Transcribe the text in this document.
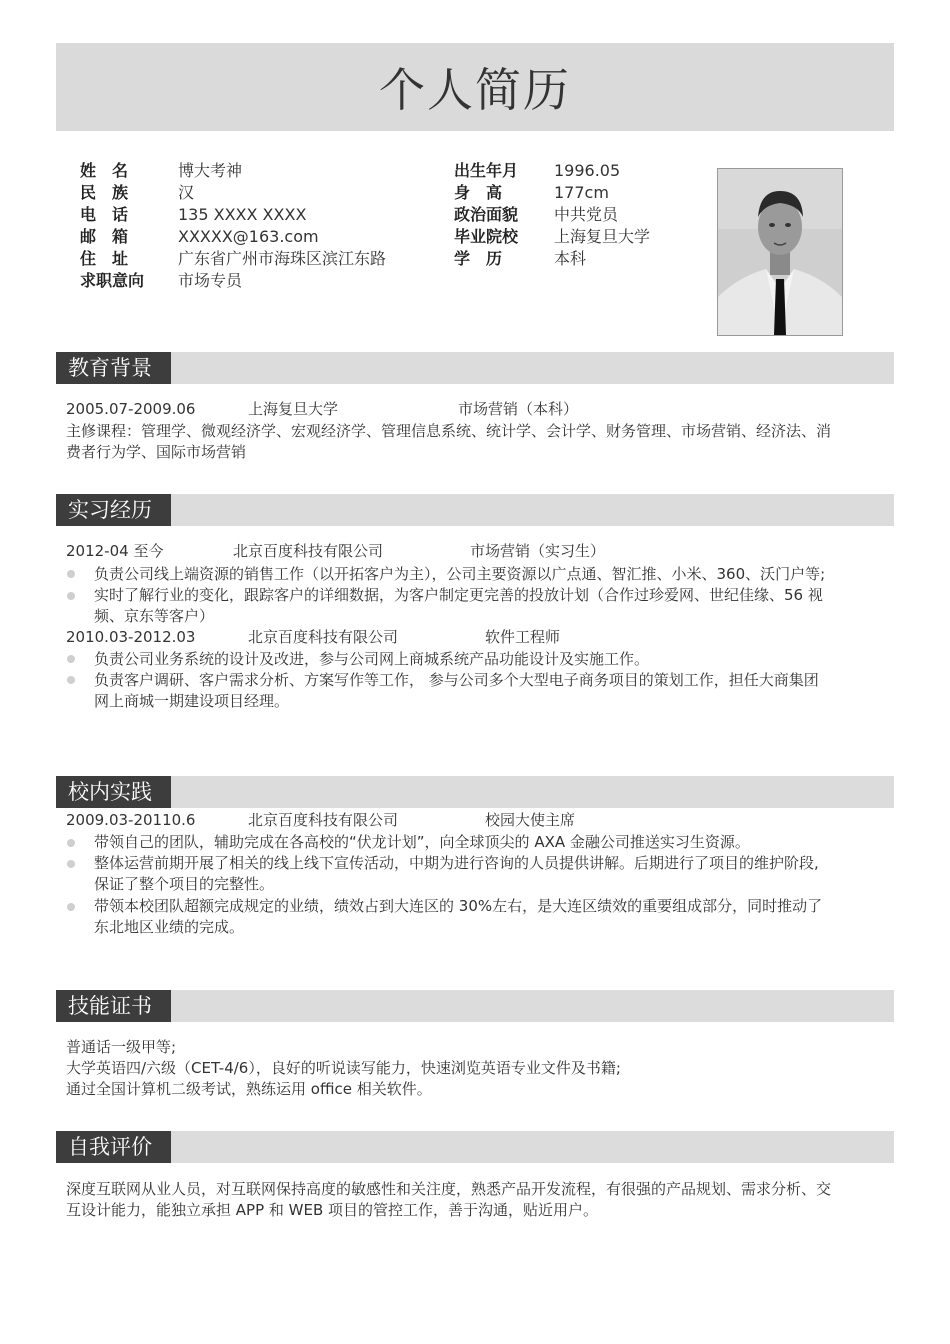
个人简历
姓　名	博大考神
民　族	汉
电　话	135 XXXX XXXX
邮　箱	XXXXX@163.com
住　址	广东省广州市海珠区滨江东路
求职意向 市场专员
出生年月 1996.05
身　高	177cm
政治面貌 中共党员
毕业院校 上海复旦大学
学　历	本科
教育背景
2005.07-2009.06	上海复旦大学	市场营销（本科）
主修课程：管理学、微观经济学、宏观经济学、管理信息系统、统计学、会计学、财务管理、市场营销、经济法、消
费者行为学、国际市场营销
实习经历
2012-04 至今	北京百度科技有限公司	市场营销（实习生）
负责公司线上端资源的销售工作（以开拓客户为主），公司主要资源以广点通、智汇推、小米、360、沃门户等;
实时了解行业的变化，跟踪客户的详细数据，为客户制定更完善的投放计划（合作过珍爱网、世纪佳缘、56 视
频、京东等客户）
2010.03-2012.03	北京百度科技有限公司	软件工程师
负责公司业务系统的设计及改进，参与公司网上商城系统产品功能设计及实施工作。
负责客户调研、客户需求分析、方案写作等工作， 参与公司多个大型电子商务项目的策划工作，担任大商集团
网上商城一期建设项目经理。
校内实践
2009.03-20110.6	北京百度科技有限公司	校园大使主席
带领自己的团队，辅助完成在各高校的“伏龙计划”，向全球顶尖的 AXA 金融公司推送实习生资源。
整体运营前期开展了相关的线上线下宣传活动，中期为进行咨询的人员提供讲解。后期进行了项目的维护阶段,
保证了整个项目的完整性。
带领本校团队超额完成规定的业绩，绩效占到大连区的 30%左右，是大连区绩效的重要组成部分，同时推动了
东北地区业绩的完成。
技能证书
普通话一级甲等;
大学英语四/六级（CET-4/6），良好的听说读写能力，快速浏览英语专业文件及书籍;
通过全国计算机二级考试，熟练运用 office 相关软件。
自我评价
深度互联网从业人员，对互联网保持高度的敏感性和关注度，熟悉产品开发流程，有很强的产品规划、需求分析、交
互设计能力，能独立承担 APP 和 WEB 项目的管控工作，善于沟通，贴近用户。
